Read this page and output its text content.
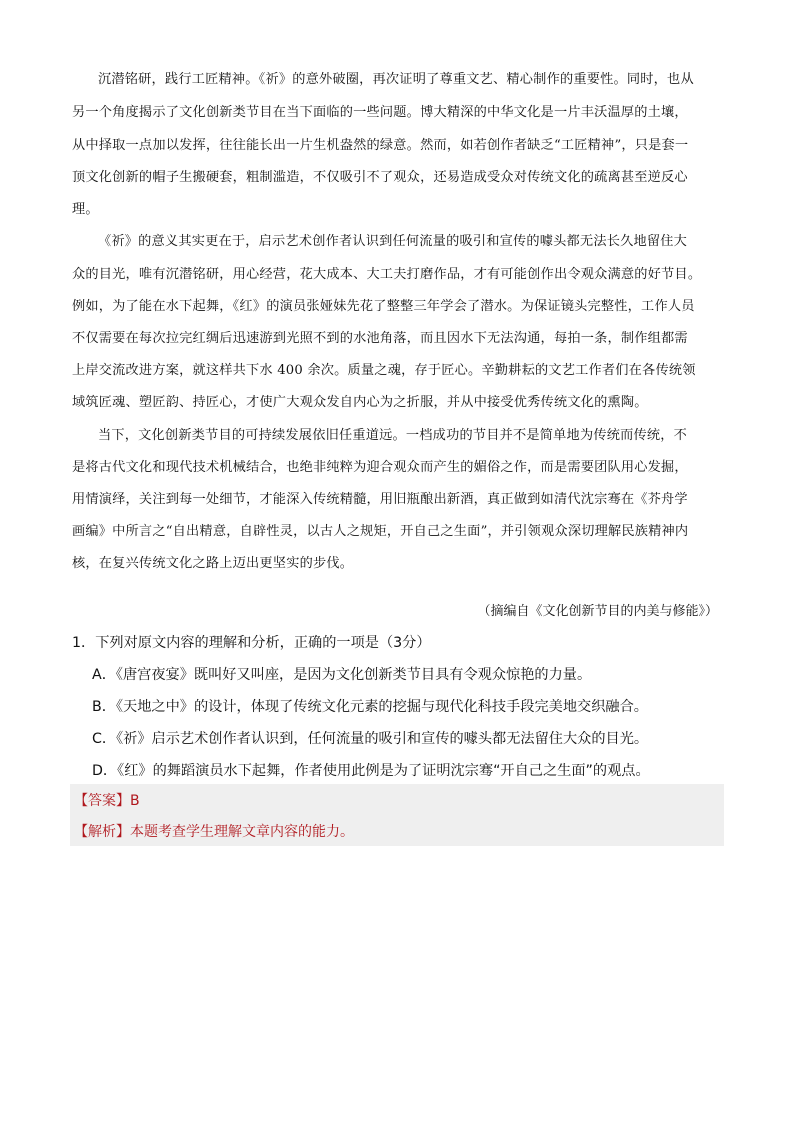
沉潜铭研，践行工匠精神。《祈》的意外破圈，再次证明了尊重文艺、精心制作的重要性。同时，也从
另一个角度揭示了文化创新类节目在当下面临的一些问题。博大精深的中华文化是一片丰沃温厚的土壤，
从中择取一点加以发挥，往往能长出一片生机盎然的绿意。然而，如若创作者缺乏“工匠精神”，只是套一
顶文化创新的帽子生搬硬套，粗制滥造，不仅吸引不了观众，还易造成受众对传统文化的疏离甚至逆反心
理。
《祈》的意义其实更在于，启示艺术创作者认识到任何流量的吸引和宣传的噱头都无法长久地留住大
众的目光，唯有沉潜铭研，用心经营，花大成本、大工夫打磨作品，才有可能创作出令观众满意的好节目。
例如，为了能在水下起舞，《红》的演员张娅妹先花了整整三年学会了潜水。为保证镜头完整性，工作人员
不仅需要在每次拉完红绸后迅速游到光照不到的水池角落，而且因水下无法沟通，每拍一条，制作组都需
上岸交流改进方案，就这样共下水 400 余次。质量之魂，存于匠心。辛勤耕耘的文艺工作者们在各传统领
域筑匠魂、塑匠韵、持匠心，才使广大观众发自内心为之折服，并从中接受优秀传统文化的熏陶。
当下，文化创新类节目的可持续发展依旧任重道远。一档成功的节目并不是简单地为传统而传统，不
是将古代文化和现代技术机械结合，也绝非纯粹为迎合观众而产生的媚俗之作，而是需要团队用心发掘，
用情演绎，关注到每一处细节，才能深入传统精髓，用旧瓶酿出新酒，真正做到如清代沈宗骞在《芥舟学
画编》中所言之“自出精意，自辟性灵，以古人之规矩，开自己之生面”，并引领观众深切理解民族精神内
核，在复兴传统文化之路上迈出更坚实的步伐。
（摘编自《文化创新节目的内美与修能》）
1．下列对原文内容的理解和分析，正确的一项是（3分）
A．《唐宫夜宴》既叫好又叫座，是因为文化创新类节目具有令观众惊艳的力量。
B．《天地之中》的设计，体现了传统文化元素的挖掘与现代化科技手段完美地交织融合。
C．《祈》启示艺术创作者认识到，任何流量的吸引和宣传的噱头都无法留住大众的目光。
D．《红》的舞蹈演员水下起舞，作者使用此例是为了证明沈宗骞“开自己之生面”的观点。
【答案】B
【解析】本题考查学生理解文章内容的能力。
